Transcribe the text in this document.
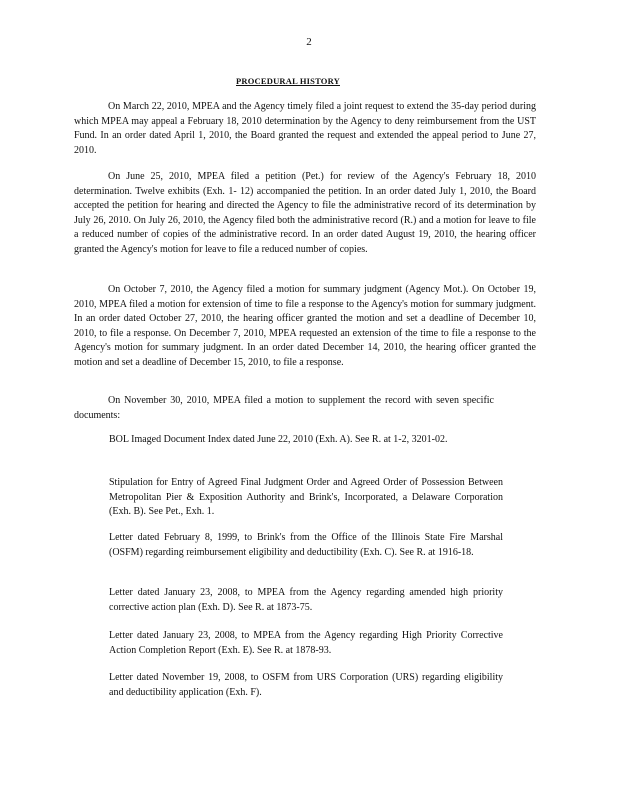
2
PROCEDURAL HISTORY

On March 22, 2010, MPEA and the Agency timely filed a joint request to extend the 35-day period during which MPEA may appeal a February 18, 2010 determination by the Agency to deny reimbursement from the UST Fund. In an order dated April 1, 2010, the Board granted the request and extended the appeal period to June 27, 2010.

On June 25, 2010, MPEA filed a petition (Pet.) for review of the Agency's February 18, 2010 determination. Twelve exhibits (Exh. 1- 12) accompanied the petition. In an order dated July 1, 2010, the Board accepted the petition for hearing and directed the Agency to file the administrative record of its determination by July 26, 2010. On July 26, 2010, the Agency filed both the administrative record (R.) and a motion for leave to file a reduced number of copies of the administrative record. In an order dated August 19, 2010, the hearing officer granted the Agency's motion for leave to file a reduced number of copies.

On October 7, 2010, the Agency filed a motion for summary judgment (Agency Mot.). On October 19, 2010, MPEA filed a motion for extension of time to file a response to the Agency's motion for summary judgment. In an order dated October 27, 2010, the hearing officer granted the motion and set a deadline of December 10, 2010, to file a response. On December 7, 2010, MPEA requested an extension of the time to file a response to the Agency's motion for summary judgment. In an order dated December 14, 2010, the hearing officer granted the motion and set a deadline of December 15, 2010, to file a response.

On November 30, 2010, MPEA filed a motion to supplement the record with seven specific documents:

BOL Imaged Document Index dated June 22, 2010 (Exh. A). See R. at 1-2, 3201-02.

Stipulation for Entry of Agreed Final Judgment Order and Agreed Order of Possession Between Metropolitan Pier & Exposition Authority and Brink's, Incorporated, a Delaware Corporation (Exh. B). See Pet., Exh. 1.

Letter dated February 8, 1999, to Brink's from the Office of the Illinois State Fire Marshal (OSFM) regarding reimbursement eligibility and deductibility (Exh. C). See R. at 1916-18.

Letter dated January 23, 2008, to MPEA from the Agency regarding amended high priority corrective action plan (Exh. D). See R. at 1873-75.

Letter dated January 23, 2008, to MPEA from the Agency regarding High Priority Corrective Action Completion Report (Exh. E). See R. at 1878-93.

Letter dated November 19, 2008, to OSFM from URS Corporation (URS) regarding eligibility and deductibility application (Exh. F).
